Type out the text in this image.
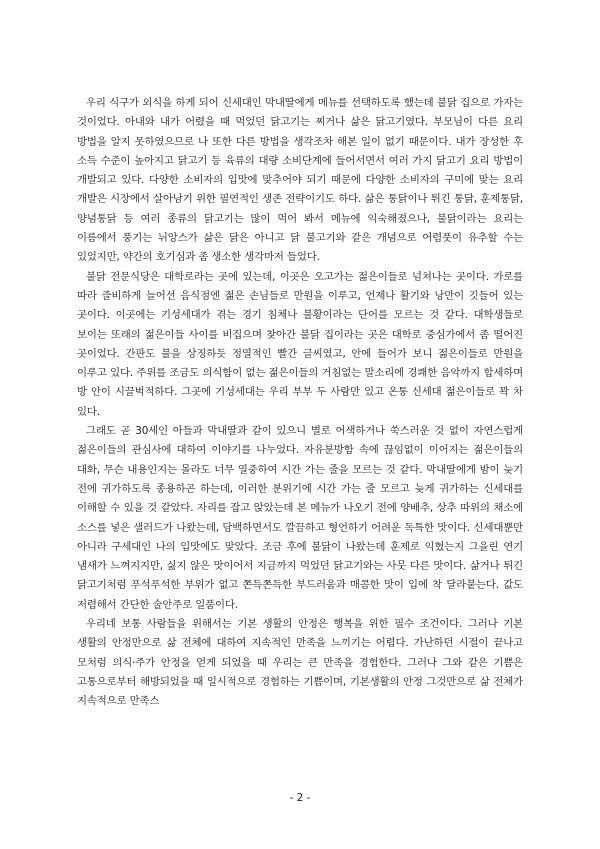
우리 식구가 외식을 하게 되어 신세대인 막내딸에게 메뉴를 선택하도록 했는데 불닭 집으로 가자는 것이었다. 아내와 내가 어렸을 때 먹었던 닭고기는 찌거나 삶은 닭고기였다. 부모님이 다른 요리 방법을 알지 못하였으므로 나 또한 다른 방법을 생각조차 해본 일이 없기 때문이다. 내가 장성한 후 소득 수준이 높아지고 닭고기 등 육류의 대량 소비단계에 들어서면서 여러 가지 닭고기 요리 방법이 개발되고 있다. 다양한 소비자의 입맛에 맞추어야 되기 때문에 다양한 소비자의 구미에 맞는 요리 개발은 시장에서 살아남기 위한 필연적인 생존 전략이기도 하다. 삶은 통닭이나 튀긴 통닭, 훈제통닭, 양념통닭 등 여러 종류의 닭고기는 많이 먹어 봐서 메뉴에 익숙해졌으나, 불닭이라는 요리는 이름에서 풍기는 뉘앙스가 삶은 닭은 아니고 닭 불고기와 같은 개념으로 어렴풋이 유추할 수는 있었지만, 약간의 호기심과 좀 생소한 생각마저 들었다.

불닭 전문식당은 대학로라는 곳에 있는데, 이곳은 오고가는 젊은이들로 넘쳐나는 곳이다. 가로를 따라 즐비하게 늘어선 음식점엔 젊은 손님들로 만원을 이루고, 언제나 활기와 낭만이 깃들어 있는 곳이다. 이곳에는 기성세대가 겪는 경기 침체나 불황이라는 단어를 모르는 것 같다. 대학생들로 보이는 또래의 젊은이들 사이를 비집으며 찾아간 불닭 집이라는 곳은 대학로 중심가에서 좀 떨어진 곳이었다. 간판도 불을 상징하듯 정열적인 빨간 글씨였고, 안에 들어가 보니 젊은이들로 만원을 이루고 있다. 주위를 조금도 의식함이 없는 젊은이들의 거침없는 말소리에 경쾌한 음악까지 합세하며 방 안이 시끌벅적하다. 그곳에 기성세대는 우리 부부 두 사람만 있고 온통 신세대 젊은이들로 꽉 차 있다.

그래도 곧 30세인 아들과 막내딸과 같이 있으니 별로 어색하거나 쑥스러운 것 없이 자연스럽게 젊은이들의 관심사에 대하여 이야기를 나누었다. 자유분방함 속에 끊임없이 이어지는 젊은이들의 대화, 무슨 내용인지는 몰라도 너무 열중하여 시간 가는 줄을 모르는 것 같다. 막내딸에게 밤이 늦기 전에 귀가하도록 종용하곤 하는데, 이러한 분위기에 시간 가는 줄 모르고 늦게 귀가하는 신세대를 이해할 수 있을 것 같았다. 자리를 잡고 앉았는데 본 메뉴가 나오기 전에 양배추, 상추 따위의 채소에 소스를 넣은 샐러드가 나왔는데, 담백하면서도 깔끔하고 형언하기 어려운 독특한 맛이다. 신세대뿐만 아니라 구세대인 나의 입맛에도 맞았다. 조금 후에 불닭이 나왔는데 훈제로 익혔는지 그을린 연기 냄새가 느껴지지만, 싫지 않은 맛이어서 지금까지 먹었던 닭고기와는 사뭇 다른 맛이다. 삶거나 튀긴 닭고기처럼 푸석푸석한 부위가 없고 쫀득쫀득한 부드러움과 매콤한 맛이 입에 착 달라붙는다. 값도 저렴해서 간단한 술안주로 일품이다.

우리네 보통 사람들을 위해서는 기본 생활의 안정은 행복을 위한 필수 조건이다. 그러나 기본 생활의 안정만으로 삶 전체에 대하여 지속적인 만족을 느끼기는 어렵다. 가난하던 시절이 끝나고 모처럼 의식·주가 안정을 얻게 되었을 때 우리는 큰 만족을 경험한다. 그러나 그와 같은 기쁨은 고통으로부터 해방되었을 때 일시적으로 경험하는 기쁨이며, 기본생활의 안정 그것만으로 삶 전체가 지속적으로 만족스

- 2 -
